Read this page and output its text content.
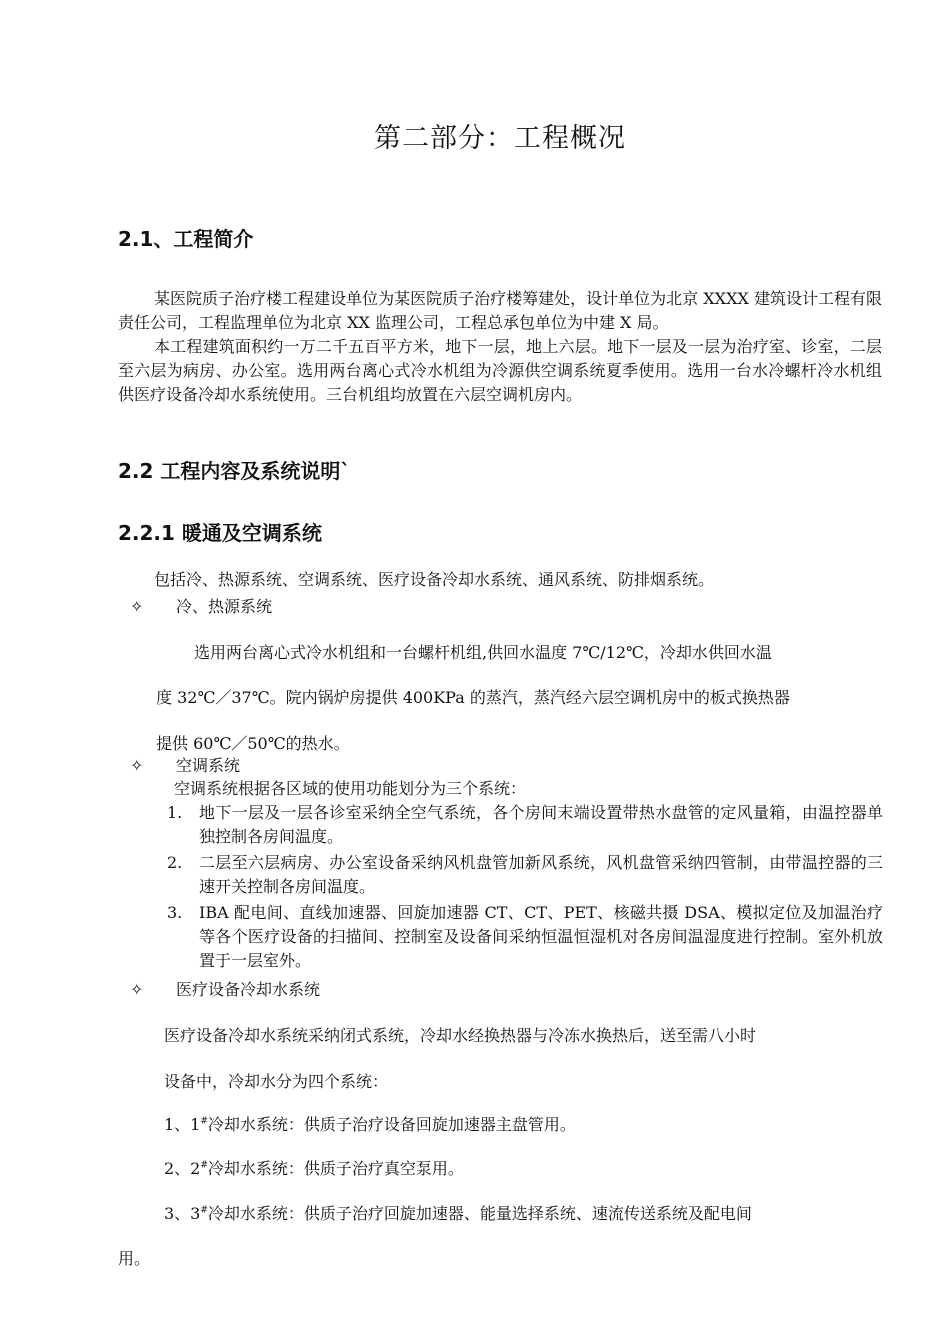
第二部分：工程概况
2.1、工程简介
某医院质子治疗楼工程建设单位为某医院质子治疗楼筹建处，设计单位为北京 XXXX 建筑设计工程有限责任公司，工程监理单位为北京 XX 监理公司，工程总承包单位为中建 X 局。
本工程建筑面积约一万二千五百平方米，地下一层，地上六层。地下一层及一层为治疗室、诊室，二层至六层为病房、办公室。选用两台离心式冷水机组为冷源供空调系统夏季使用。选用一台水冷螺杆冷水机组供医疗设备冷却水系统使用。三台机组均放置在六层空调机房内。
2.2 工程内容及系统说明`
2.2.1 暖通及空调系统
包括冷、热源系统、空调系统、医疗设备冷却水系统、通风系统、防排烟系统。
✧ 冷、热源系统
选用两台离心式冷水机组和一台螺杆机组,供回水温度 7℃/12℃，冷却水供回水温
度 32℃／37℃。院内锅炉房提供 400KPa 的蒸汽，蒸汽经六层空调机房中的板式换热器
提供 60℃／50℃的热水。
✧ 空调系统
空调系统根据各区域的使用功能划分为三个系统：
1. 地下一层及一层各诊室采纳全空气系统，各个房间末端设置带热水盘管的定风量箱，由温控器单独控制各房间温度。
2. 二层至六层病房、办公室设备采纳风机盘管加新风系统，风机盘管采纳四管制，由带温控器的三速开关控制各房间温度。
3. IBA 配电间、直线加速器、回旋加速器 CT、CT、PET、核磁共摄 DSA、模拟定位及加温治疗等各个医疗设备的扫描间、控制室及设备间采纳恒温恒湿机对各房间温湿度进行控制。室外机放置于一层室外。
✧ 医疗设备冷却水系统
医疗设备冷却水系统采纳闭式系统，冷却水经换热器与冷冻水换热后，送至需八小时
设备中，冷却水分为四个系统：
1、1#冷却水系统：供质子治疗设备回旋加速器主盘管用。
2、2#冷却水系统：供质子治疗真空泵用。
3、3#冷却水系统：供质子治疗回旋加速器、能量选择系统、速流传送系统及配电间
用。
